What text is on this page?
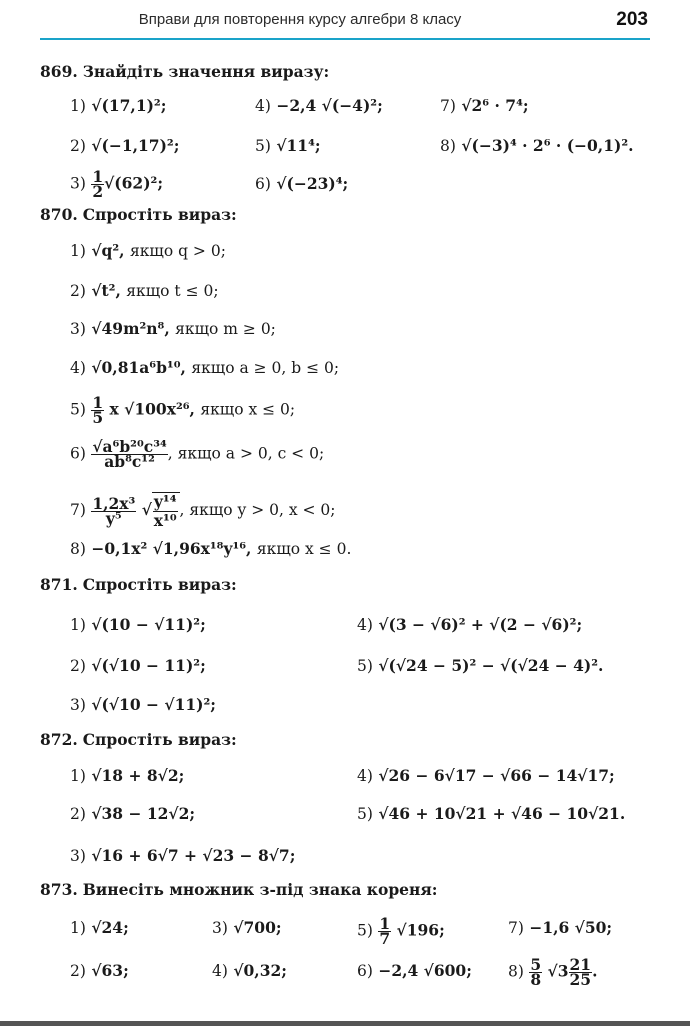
Вправи для повторення курсу алгебри 8 класу	203
869. Знайдіть значення виразу:
1) √(17,1)²;
2) √(−1,17)²;
$3) \frac{1}{2} √(62)^2$;
4) −2,4 √(−4)²;
5) √11⁴;
6) √(−23)⁴;
7) √2⁶ · 7⁴;
8) √(−3)⁴ · 2⁶ · (−0,1)².
870. Спростіть вираз:
1) √q², якщо q > 0;
2) √t², якщо t ≤ 0;
3) √49m²n⁸, якщо m ≥ 0;
4) √0,81a⁶b¹⁰, якщо a ≥ 0, b ≤ 0;
$5) \frac{1}{5}$ x √100x²⁶, якщо x ≤ 0;
$6) \frac{\text{√a⁶b²⁰c³⁴}}{\text{ab⁸c¹²}}$ , якщо a > 0, c < 0;
$7) \frac{\text{1,2x³}}{\text{y⁵}}$ √ $\frac{\text{y¹⁴}}{\text{x¹⁰}}$ , якщо y > 0, x < 0;
8) −0,1x² √1,96x¹⁸y¹⁶, якщо x ≤ 0.
871. Спростіть вираз:
1) √(10 − √11)²;
2) √(√10 − 11)²;
3) √(√10 − √11)²;
4) √(3 − √6)² + √(2 − √6)²;
5) √(√24 − 5)² − √(√24 − 4)².
872. Спростіть вираз:
1) √18 + 8√2;
2) √38 − 12√2;
3) √16 + 6√7 + √23 − 8√7;
4) √26 − 6√17 − √66 − 14√17;
5) √46 + 10√21 + √46 − 10√21.
873. Винесіть множник з-під знака кореня:
1) √24;
2) √63;
3) √700;
4) √0,32;
$5) \frac{1}{7} √196$;
6) −2,4 √600;
7) −1,6 √50;
$8) \frac{5}{8} √3 \frac{21}{25}$ .
